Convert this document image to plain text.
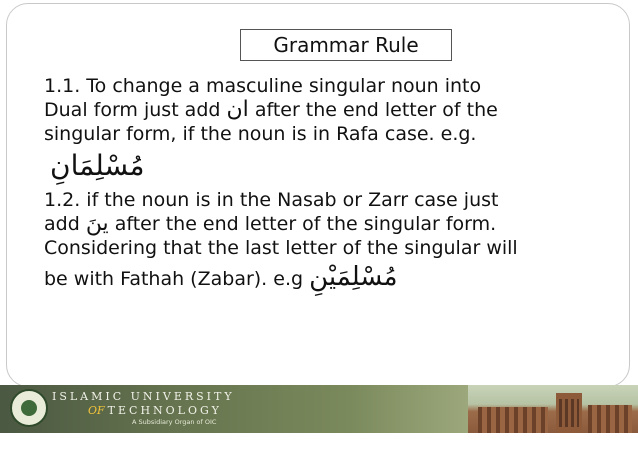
Grammar Rule
1.1. To change a masculine singular noun into
Dual form just add ان after the end letter of the
singular form, if the noun is in Rafa case. e.g.
مُسْلِمَانِ
1.2. if the noun is in the Nasab or Zarr case just
add ينَ after the end letter of the singular form.
Considering that the last letter of the singular will
be with Fathah (Zabar). e.g مُسْلِمَيْنِ
ISLAMIC UNIVERSITY
OF TECHNOLOGY
A Subsidiary Organ of OIC
